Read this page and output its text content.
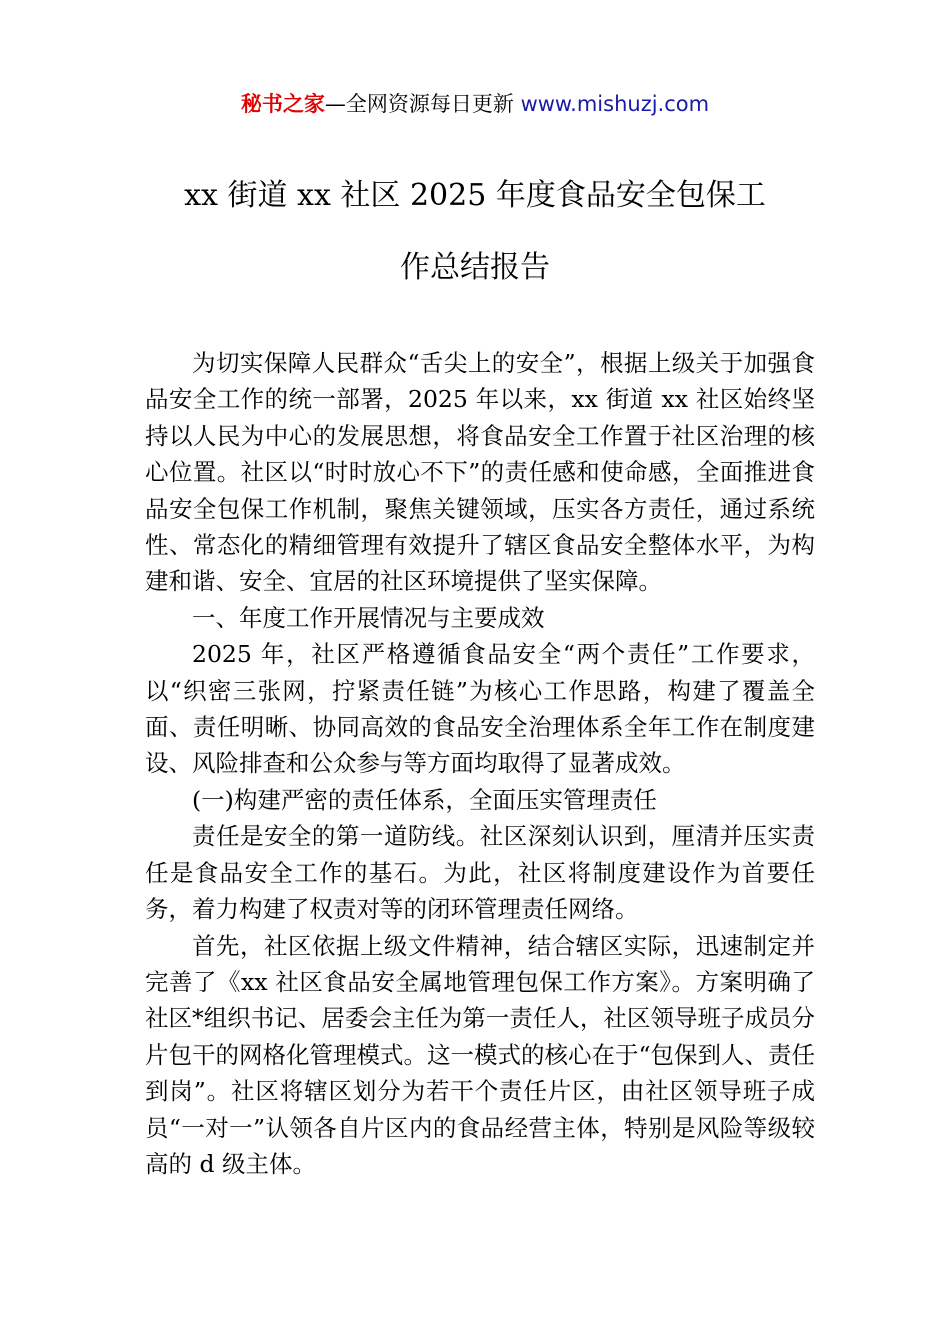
秘书之家—全网资源每日更新 www.mishuzj.com
xx 街道 xx 社区 2025 年度食品安全包保工
作总结报告

为切实保障人民群众“舌尖上的安全”，根据上级关于加强食品安全工作的统一部署，2025 年以来，xx 街道 xx 社区始终坚持以人民为中心的发展思想，将食品安全工作置于社区治理的核心位置。社区以“时时放心不下”的责任感和使命感，全面推进食品安全包保工作机制，聚焦关键领域，压实各方责任，通过系统性、常态化的精细管理有效提升了辖区食品安全整体水平，为构建和谐、安全、宜居的社区环境提供了坚实保障。

一、年度工作开展情况与主要成效

2025 年，社区严格遵循食品安全“两个责任”工作要求，以“织密三张网，拧紧责任链”为核心工作思路，构建了覆盖全面、责任明晰、协同高效的食品安全治理体系全年工作在制度建设、风险排查和公众参与等方面均取得了显著成效。

(一)构建严密的责任体系，全面压实管理责任

责任是安全的第一道防线。社区深刻认识到，厘清并压实责任是食品安全工作的基石。为此，社区将制度建设作为首要任务，着力构建了权责对等的闭环管理责任网络。

首先，社区依据上级文件精神，结合辖区实际，迅速制定并完善了《xx 社区食品安全属地管理包保工作方案》。方案明确了社区*组织书记、居委会主任为第一责任人，社区领导班子成员分片包干的网格化管理模式。这一模式的核心在于“包保到人、责任到岗”。社区将辖区划分为若干个责任片区，由社区领导班子成员“一对一”认领各自片区内的食品经营主体，特别是风险等级较高的 d 级主体。
